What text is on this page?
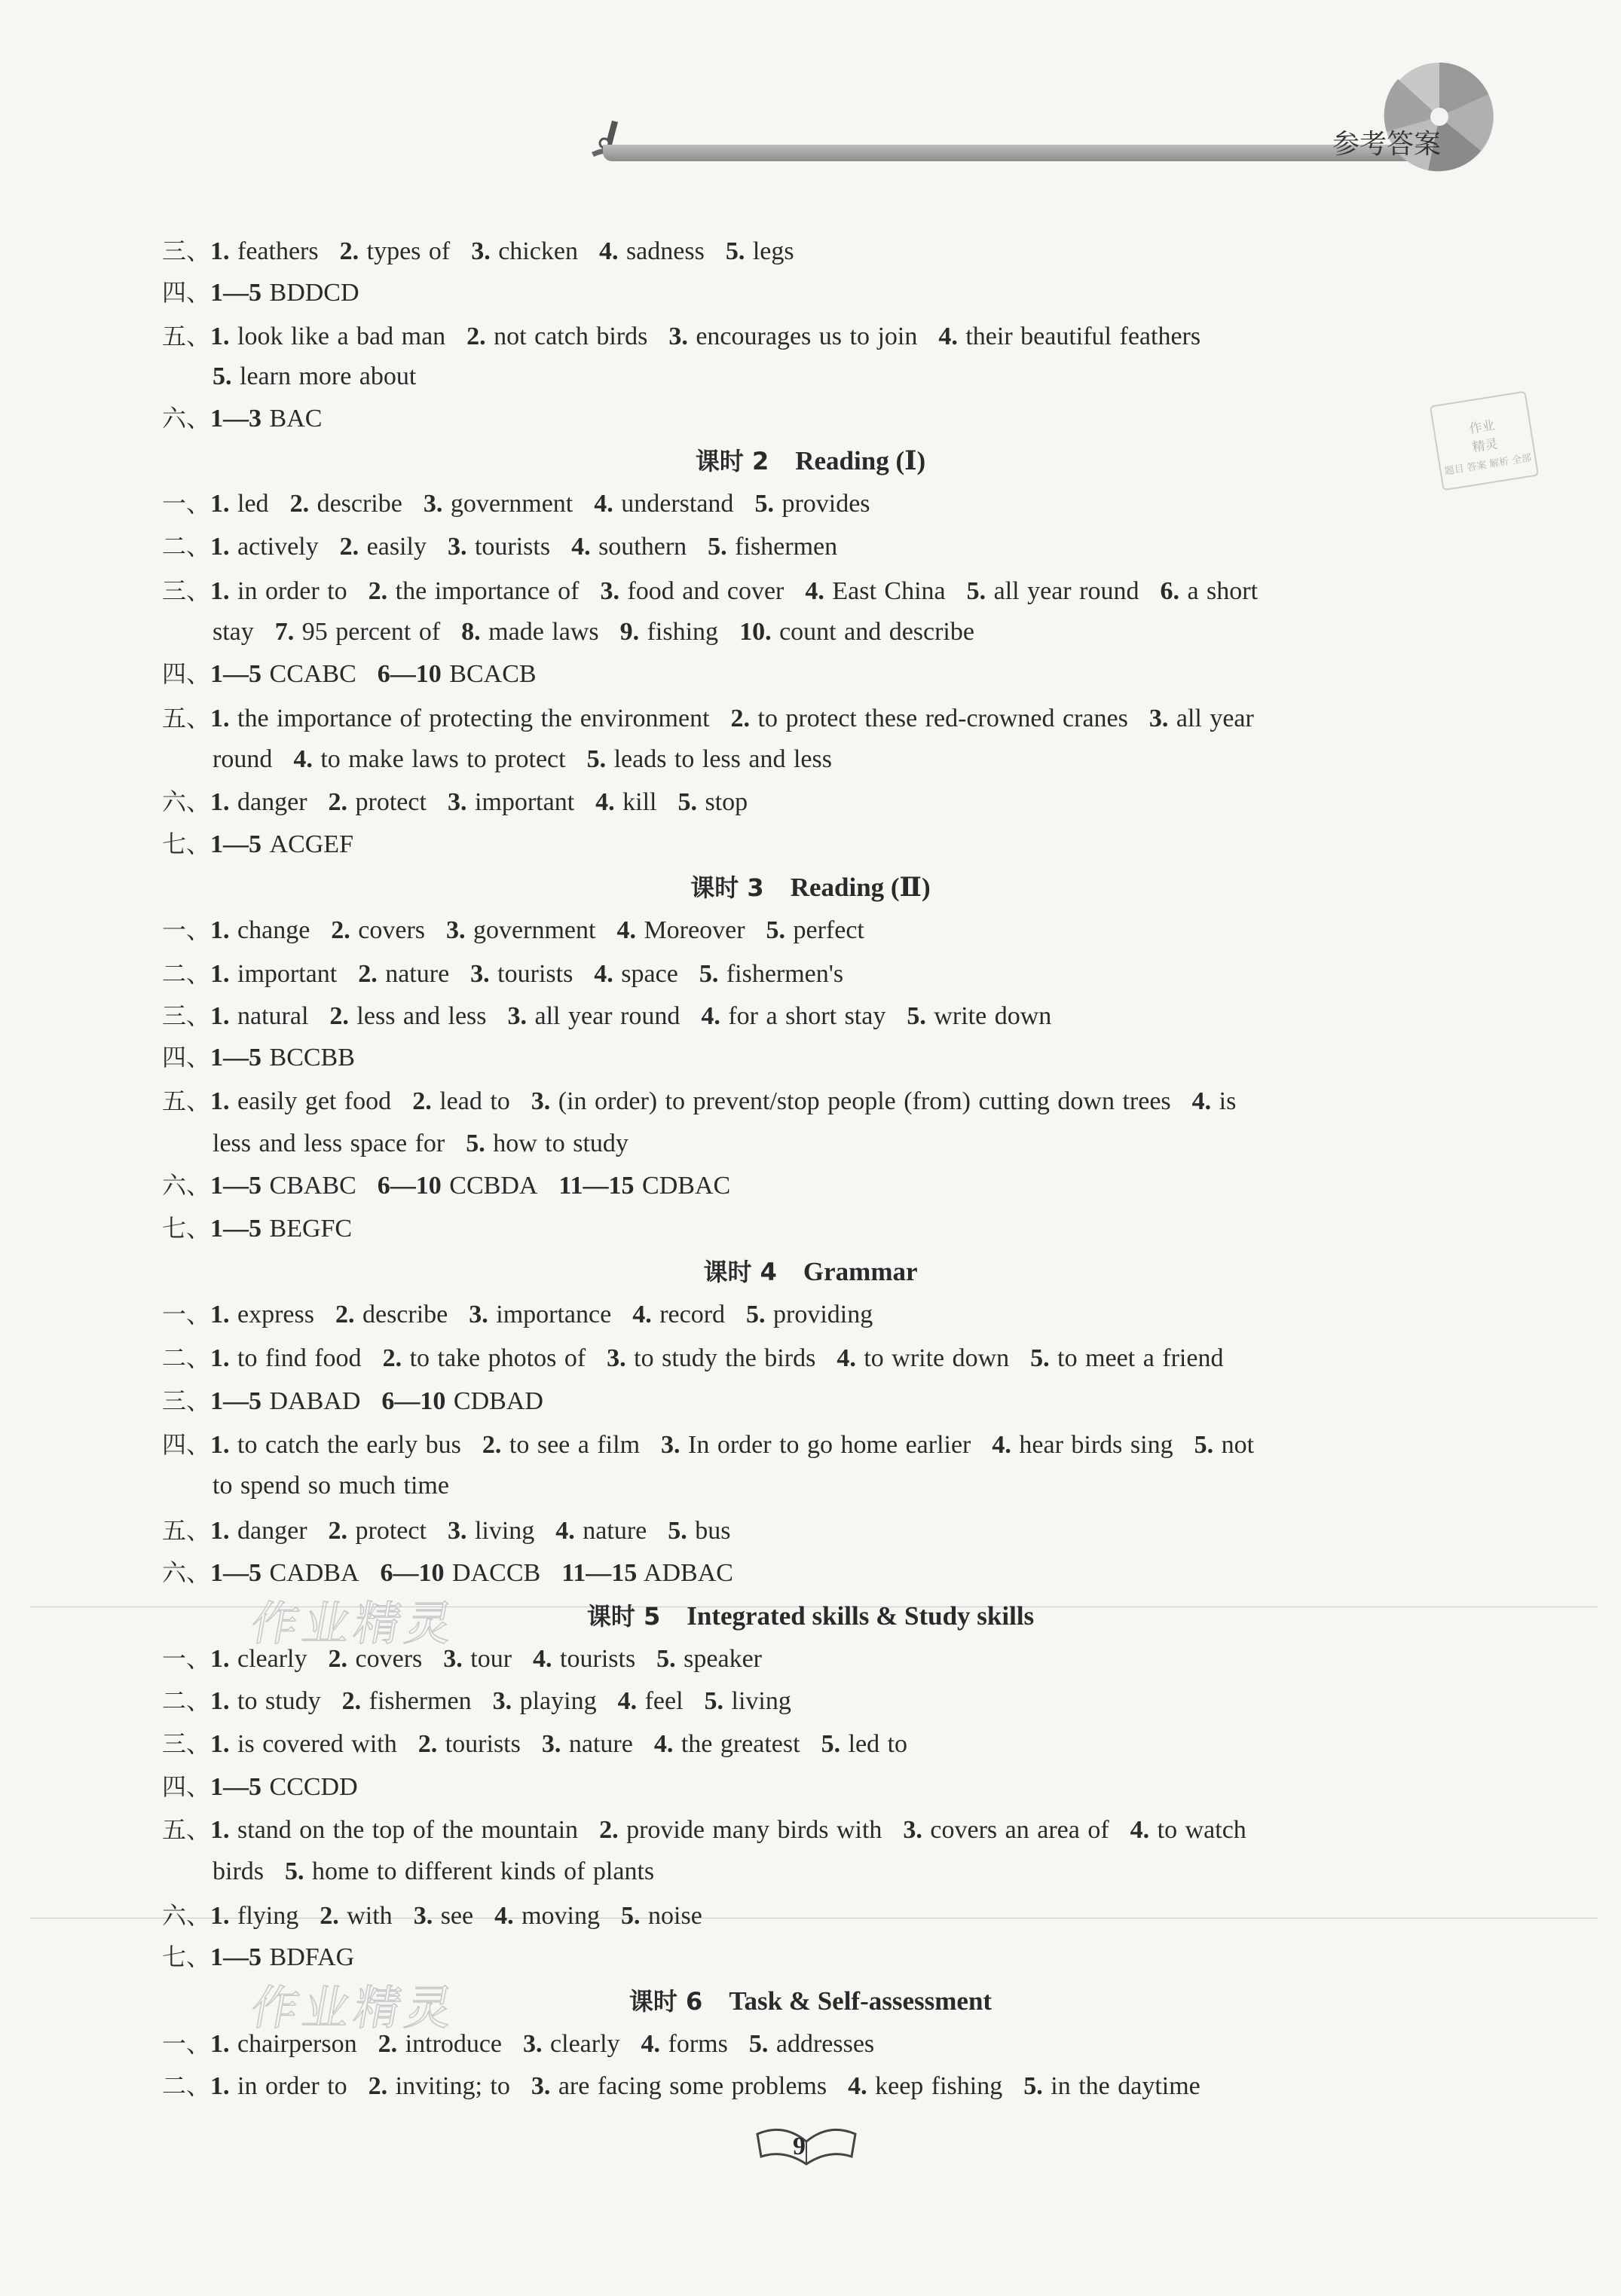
参考答案
作业
精灵
题目 答案 解析 全部
作业精灵
作业精灵
三、1. feathers 2. types of 3. chicken 4. sadness 5. legs
四、1—5 BDDCD
五、1. look like a bad man 2. not catch birds 3. encourages us to join 4. their beautiful feathers
5. learn more about
六、1—3 BAC
课时 2  Reading (Ⅰ)
一、1. led 2. describe 3. government 4. understand 5. provides
二、1. actively 2. easily 3. tourists 4. southern 5. fishermen
三、1. in order to 2. the importance of 3. food and cover 4. East China 5. all year round 6. a short
stay 7. 95 percent of 8. made laws 9. fishing 10. count and describe
四、1—5 CCABC 6—10 BCACB
五、1. the importance of protecting the environment 2. to protect these red-crowned cranes 3. all year
round 4. to make laws to protect 5. leads to less and less
六、1. danger 2. protect 3. important 4. kill 5. stop
七、1—5 ACGEF
课时 3  Reading (Ⅱ)
一、1. change 2. covers 3. government 4. Moreover 5. perfect
二、1. important 2. nature 3. tourists 4. space 5. fishermen's
三、1. natural 2. less and less 3. all year round 4. for a short stay 5. write down
四、1—5 BCCBB
五、1. easily get food 2. lead to 3. (in order) to prevent/stop people (from) cutting down trees 4. is
less and less space for 5. how to study
六、1—5 CBABC 6—10 CCBDA 11—15 CDBAC
七、1—5 BEGFC
课时 4  Grammar
一、1. express 2. describe 3. importance 4. record 5. providing
二、1. to find food 2. to take photos of 3. to study the birds 4. to write down 5. to meet a friend
三、1—5 DABAD 6—10 CDBAD
四、1. to catch the early bus 2. to see a film 3. In order to go home earlier 4. hear birds sing 5. not
to spend so much time
五、1. danger 2. protect 3. living 4. nature 5. bus
六、1—5 CADBA 6—10 DACCB 11—15 ADBAC
课时 5  Integrated skills & Study skills
一、1. clearly 2. covers 3. tour 4. tourists 5. speaker
二、1. to study 2. fishermen 3. playing 4. feel 5. living
三、1. is covered with 2. tourists 3. nature 4. the greatest 5. led to
四、1—5 CCCDD
五、1. stand on the top of the mountain 2. provide many birds with 3. covers an area of 4. to watch
birds 5. home to different kinds of plants
六、1. flying 2. with 3. see 4. moving 5. noise
七、1—5 BDFAG
课时 6  Task & Self-assessment
一、1. chairperson 2. introduce 3. clearly 4. forms 5. addresses
二、1. in order to 2. inviting; to 3. are facing some problems 4. keep fishing 5. in the daytime
9
